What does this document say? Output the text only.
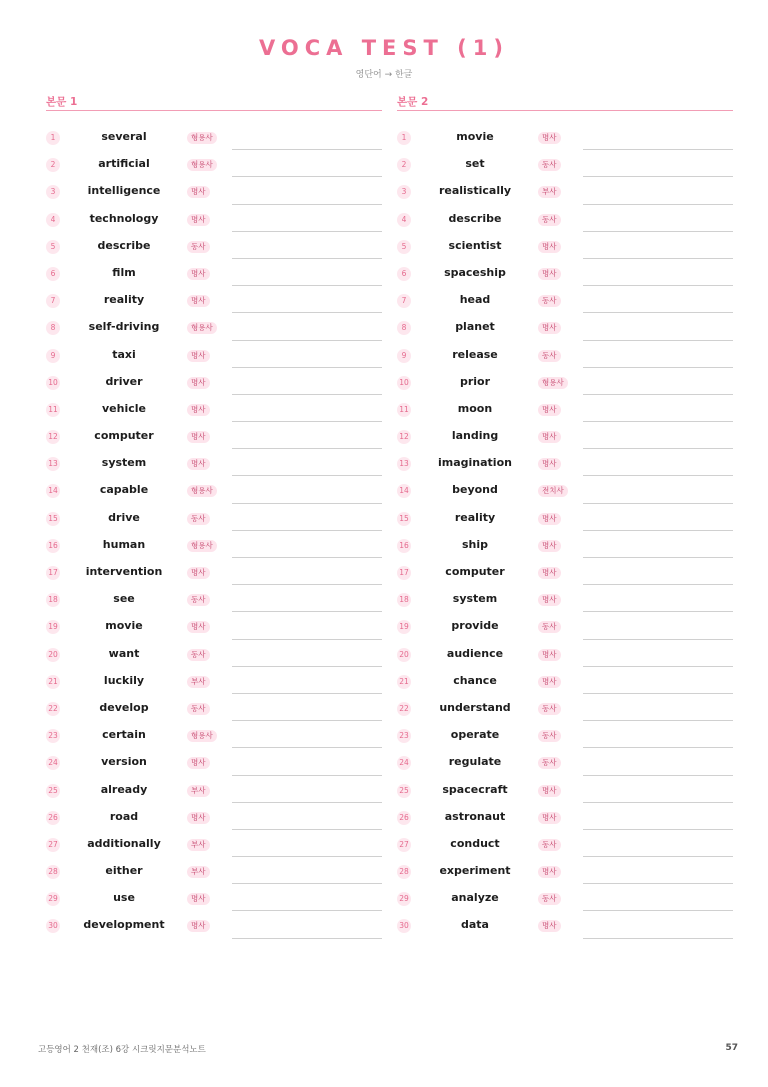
VOCA TEST (1)
영단어 → 한글
본문 1
1	several	형용사
2	artificial	형용사
3	intelligence	명사
4	technology	명사
5	describe	동사
6	film	명사
7	reality	명사
8	self-driving	형용사
9	taxi	명사
10	driver	명사
11	vehicle	명사
12	computer	명사
13	system	명사
14	capable	형용사
15	drive	동사
16	human	형용사
17	intervention	명사
18	see	동사
19	movie	명사
20	want	동사
21	luckily	부사
22	develop	동사
23	certain	형용사
24	version	명사
25	already	부사
26	road	명사
27	additionally	부사
28	either	부사
29	use	명사
30	development	명사
본문 2
1	movie	명사
2	set	동사
3	realistically	부사
4	describe	동사
5	scientist	명사
6	spaceship	명사
7	head	동사
8	planet	명사
9	release	동사
10	prior	형용사
11	moon	명사
12	landing	명사
13	imagination	명사
14	beyond	전치사
15	reality	명사
16	ship	명사
17	computer	명사
18	system	명사
19	provide	동사
20	audience	명사
21	chance	명사
22	understand	동사
23	operate	동사
24	regulate	동사
25	spacecraft	명사
26	astronaut	명사
27	conduct	동사
28	experiment	명사
29	analyze	동사
30	data	명사
고등영어 2 천재(조) 6강 시크릿지문분석노트	57
